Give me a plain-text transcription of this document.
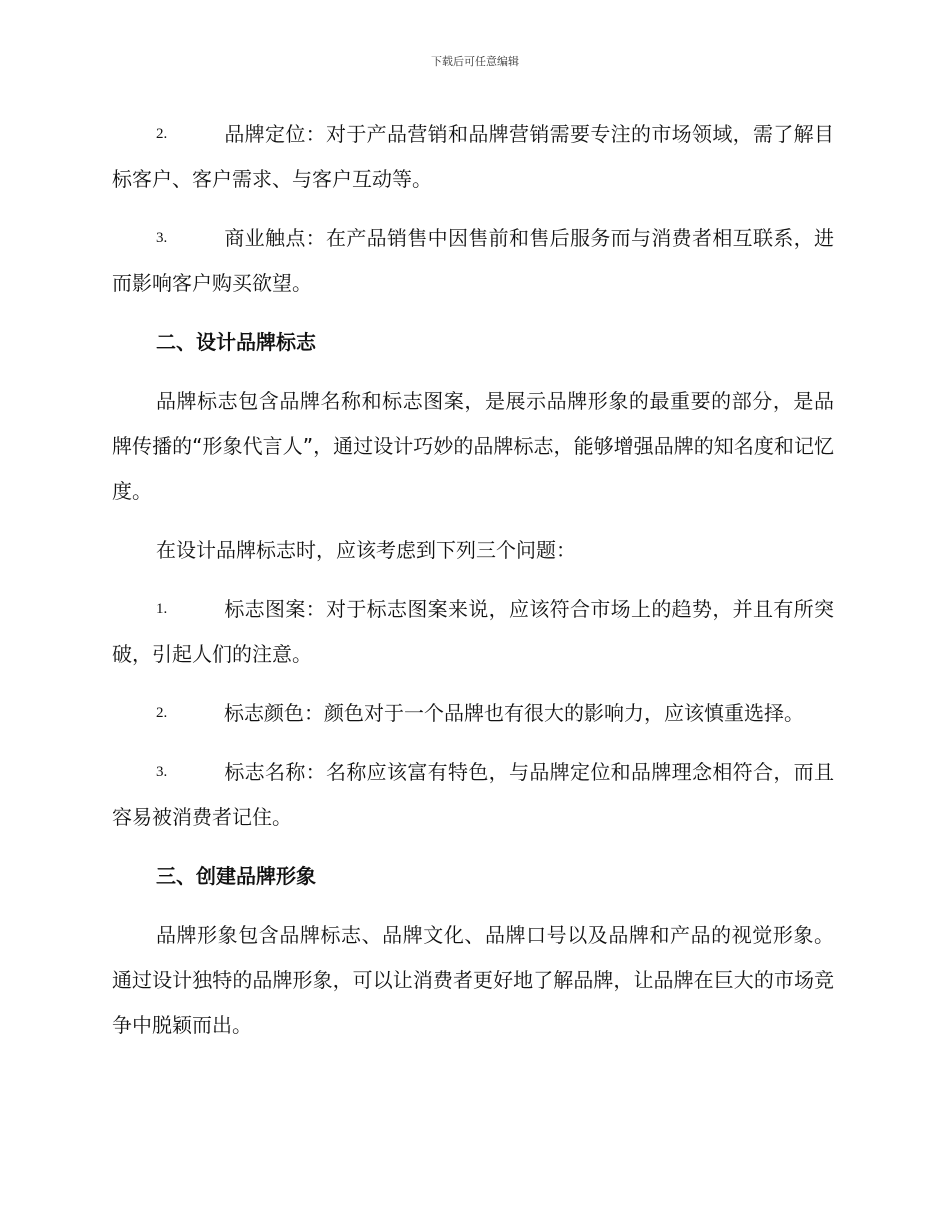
下载后可任意编辑

2.	品牌定位：对于产品营销和品牌营销需要专注的市场领域，需了解目标客户、客户需求、与客户互动等。

3.	商业触点：在产品销售中因售前和售后服务而与消费者相互联系，进而影响客户购买欲望。

二、设计品牌标志

品牌标志包含品牌名称和标志图案，是展示品牌形象的最重要的部分，是品牌传播的“形象代言人”，通过设计巧妙的品牌标志，能够增强品牌的知名度和记忆度。

在设计品牌标志时，应该考虑到下列三个问题：

1.	标志图案：对于标志图案来说，应该符合市场上的趋势，并且有所突破，引起人们的注意。

2.	标志颜色：颜色对于一个品牌也有很大的影响力，应该慎重选择。

3.	标志名称：名称应该富有特色，与品牌定位和品牌理念相符合，而且容易被消费者记住。

三、创建品牌形象

品牌形象包含品牌标志、品牌文化、品牌口号以及品牌和产品的视觉形象。通过设计独特的品牌形象，可以让消费者更好地了解品牌，让品牌在巨大的市场竞争中脱颖而出。
